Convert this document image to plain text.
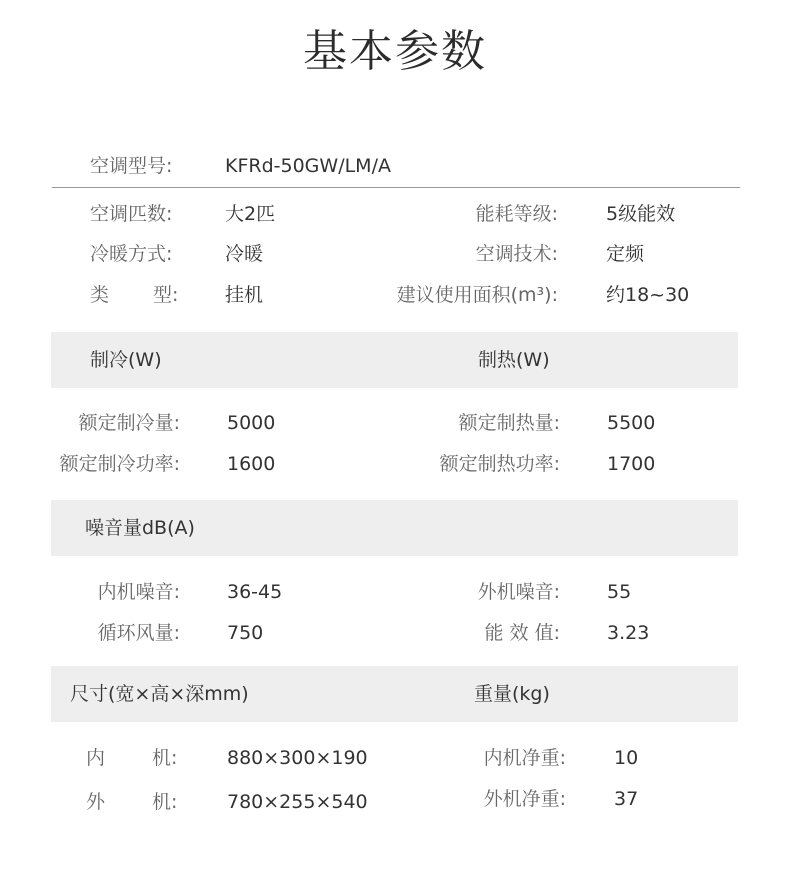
基本参数
空调型号:	KFRd-50GW/LM/A
空调匹数:	大2匹	能耗等级:	5级能效
冷暖方式:	冷暖	空调技术:	定频
类 型: 挂机	建议使用面积(m³):	约18~30
制冷(W)	制热(W)
额定制冷量: 5000	额定制热量: 5500
额定制冷功率: 1600	额定制热功率: 1700
噪音量dB(A)
内机噪音: 36-45	外机噪音: 55
循环风量: 750	能 效 值: 3.23
尺寸(宽×高×深mm)	重量(kg)
内 机:	880×300×190	内机净重:	10
外 机:	780×255×540	外机净重:	37
